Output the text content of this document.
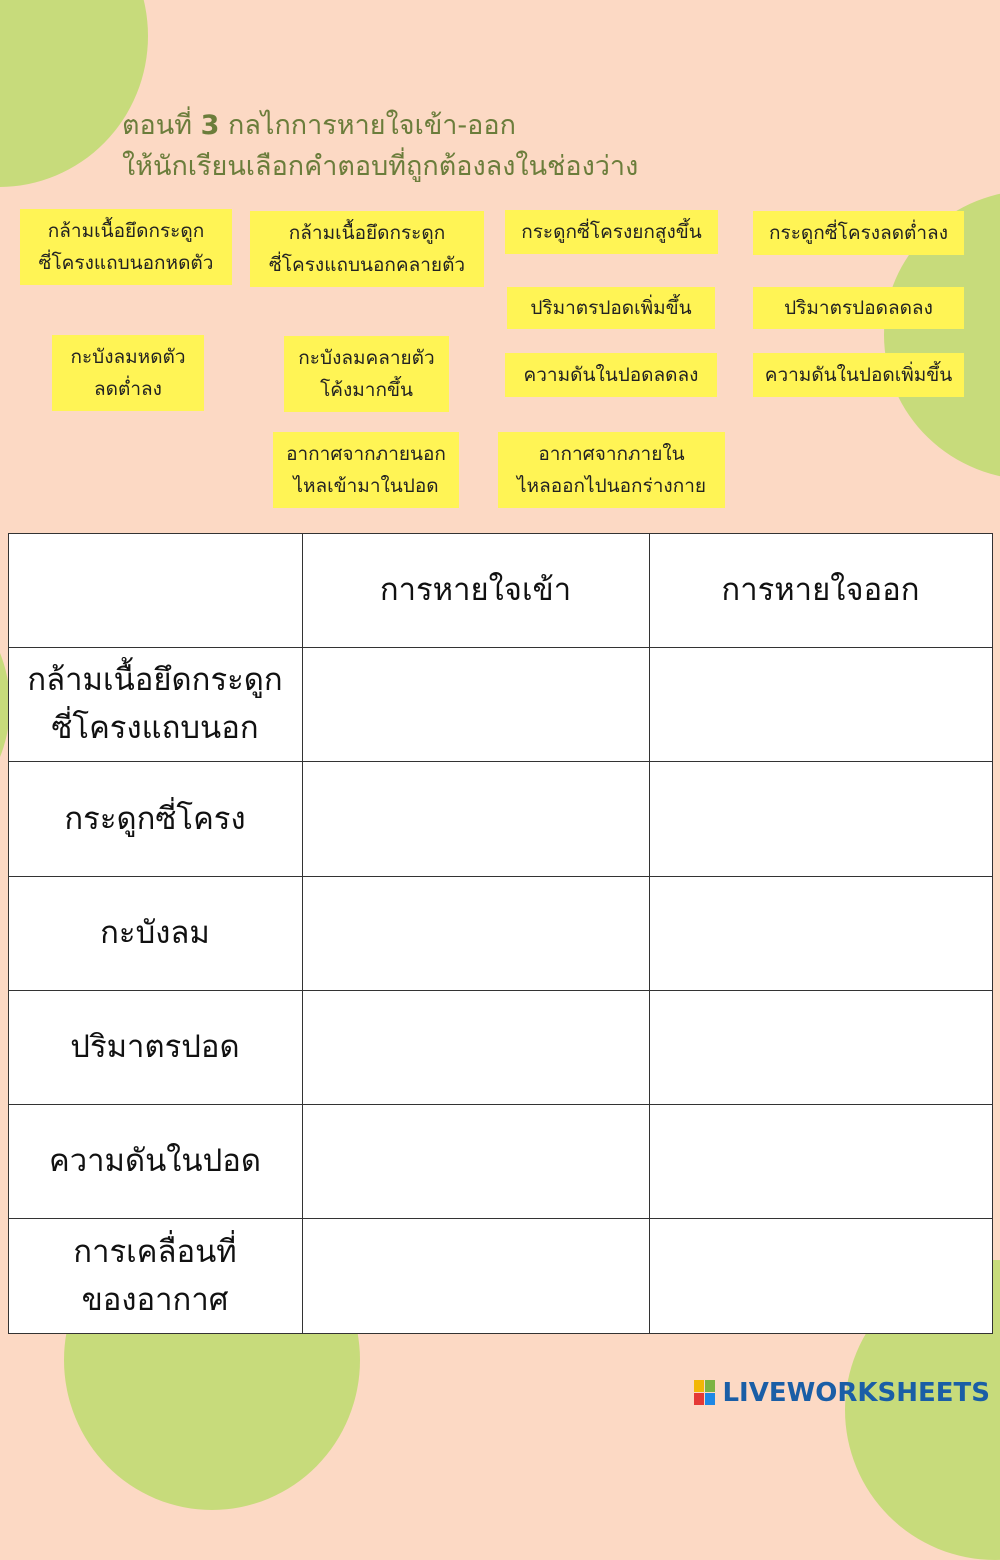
ตอนที่ 3 กลไกการหายใจเข้า-ออก
ให้นักเรียนเลือกคำตอบที่ถูกต้องลงในช่องว่าง
กล้ามเนื้อยึดกระดูก
ซี่โครงแถบนอกหดตัว
กล้ามเนื้อยึดกระดูก
ซี่โครงแถบนอกคลายตัว
กระดูกซี่โครงยกสูงขึ้น	กระดูกซี่โครงลดต่ำลง
ปริมาตรปอดเพิ่มขึ้น	ปริมาตรปอดลดลง
กะบังลมหดตัว
ลดต่ำลง
กะบังลมคลายตัว
โค้งมากขึ้น
ความดันในปอดลดลง	ความดันในปอดเพิ่มขึ้น
อากาศจากภายนอก
ไหลเข้ามาในปอด
อากาศจากภายใน
ไหลออกไปนอกร่างกาย
การหายใจเข้า	การหายใจออก
กล้ามเนื้อยึดกระดูก
ซี่โครงแถบนอก
กระดูกซี่โครง
กะบังลม
ปริมาตรปอด
ความดันในปอด
การเคลื่อนที่
ของอากาศ
LIVEWORKSHEETS
